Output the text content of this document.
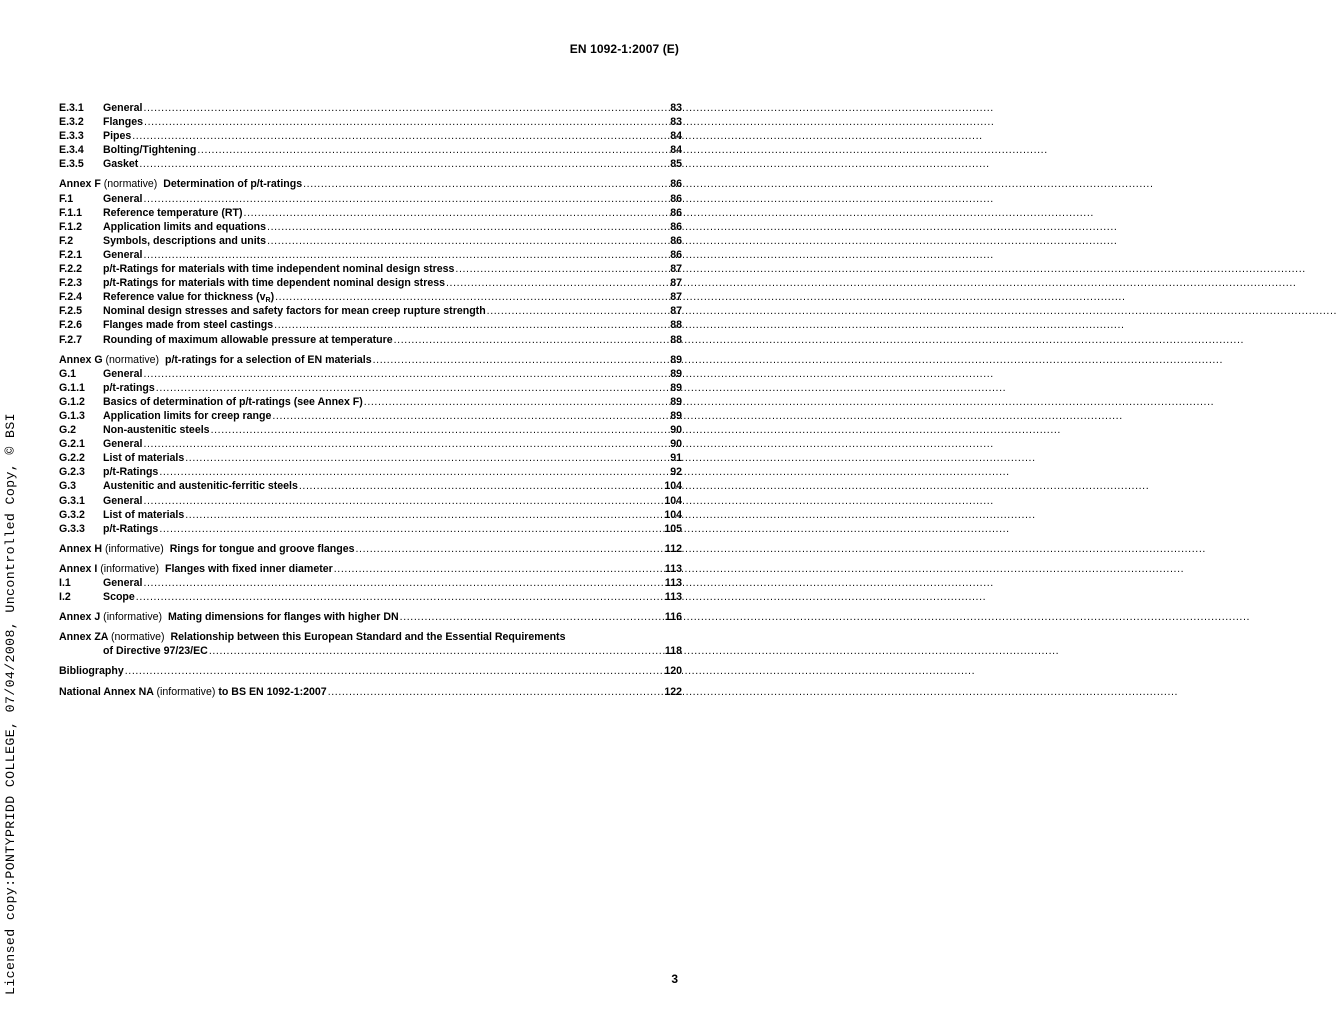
EN 1092-1:2007 (E)
Licensed copy:PONTYPRIDD COLLEGE, 07/04/2008, Uncontrolled Copy, © BSI
E.3.1	General .....	83
E.3.2	Flanges .....	83
E.3.3	Pipes .....	84
E.3.4	Bolting/Tightening .....	84
E.3.5	Gasket .....	85
Annex F (normative) Determination of p/t-ratings .....	86
F.1	General .....	86
F.1.1	Reference temperature (RT) .....	86
F.1.2	Application limits and equations .....	86
F.2	Symbols, descriptions and units .....	86
F.2.1	General .....	86
F.2.2	p/t-Ratings for materials with time independent nominal design stress .....	87
F.2.3	p/t-Ratings for materials with time dependent nominal design stress .....	87
F.2.4	Reference value for thickness $(v_R)$ .....	87
F.2.5	Nominal design stresses and safety factors for mean creep rupture strength .....	87
F.2.6	Flanges made from steel castings .....	88
F.2.7	Rounding of maximum allowable pressure at temperature .....	88
Annex G (normative) p/t-ratings for a selection of EN materials .....	89
G.1	General .....	89
G.1.1	p/t-ratings .....	89
G.1.2	Basics of determination of p/t-ratings (see Annex F) .....	89
G.1.3	Application limits for creep range .....	89
G.2	Non-austenitic steels .....	90
G.2.1	General .....	90
G.2.2	List of materials .....	91
G.2.3	p/t-Ratings .....	92
G.3	Austenitic and austenitic-ferritic steels .....	104
G.3.1	General .....	104
G.3.2	List of materials .....	104
G.3.3	p/t-Ratings .....	105
Annex H (informative) Rings for tongue and groove flanges .....	112
Annex I (informative) Flanges with fixed inner diameter .....	113
I.1	General .....	113
I.2	Scope .....	113
Annex J (informative) Mating dimensions for flanges with higher DN .....	116
Annex ZA (normative) Relationship between this European Standard and the Essential Requirements
of Directive 97/23/EC .....	118
Bibliography .....	120
National Annex NA (informative) to BS EN 1092-1:2007 .....	122
3
